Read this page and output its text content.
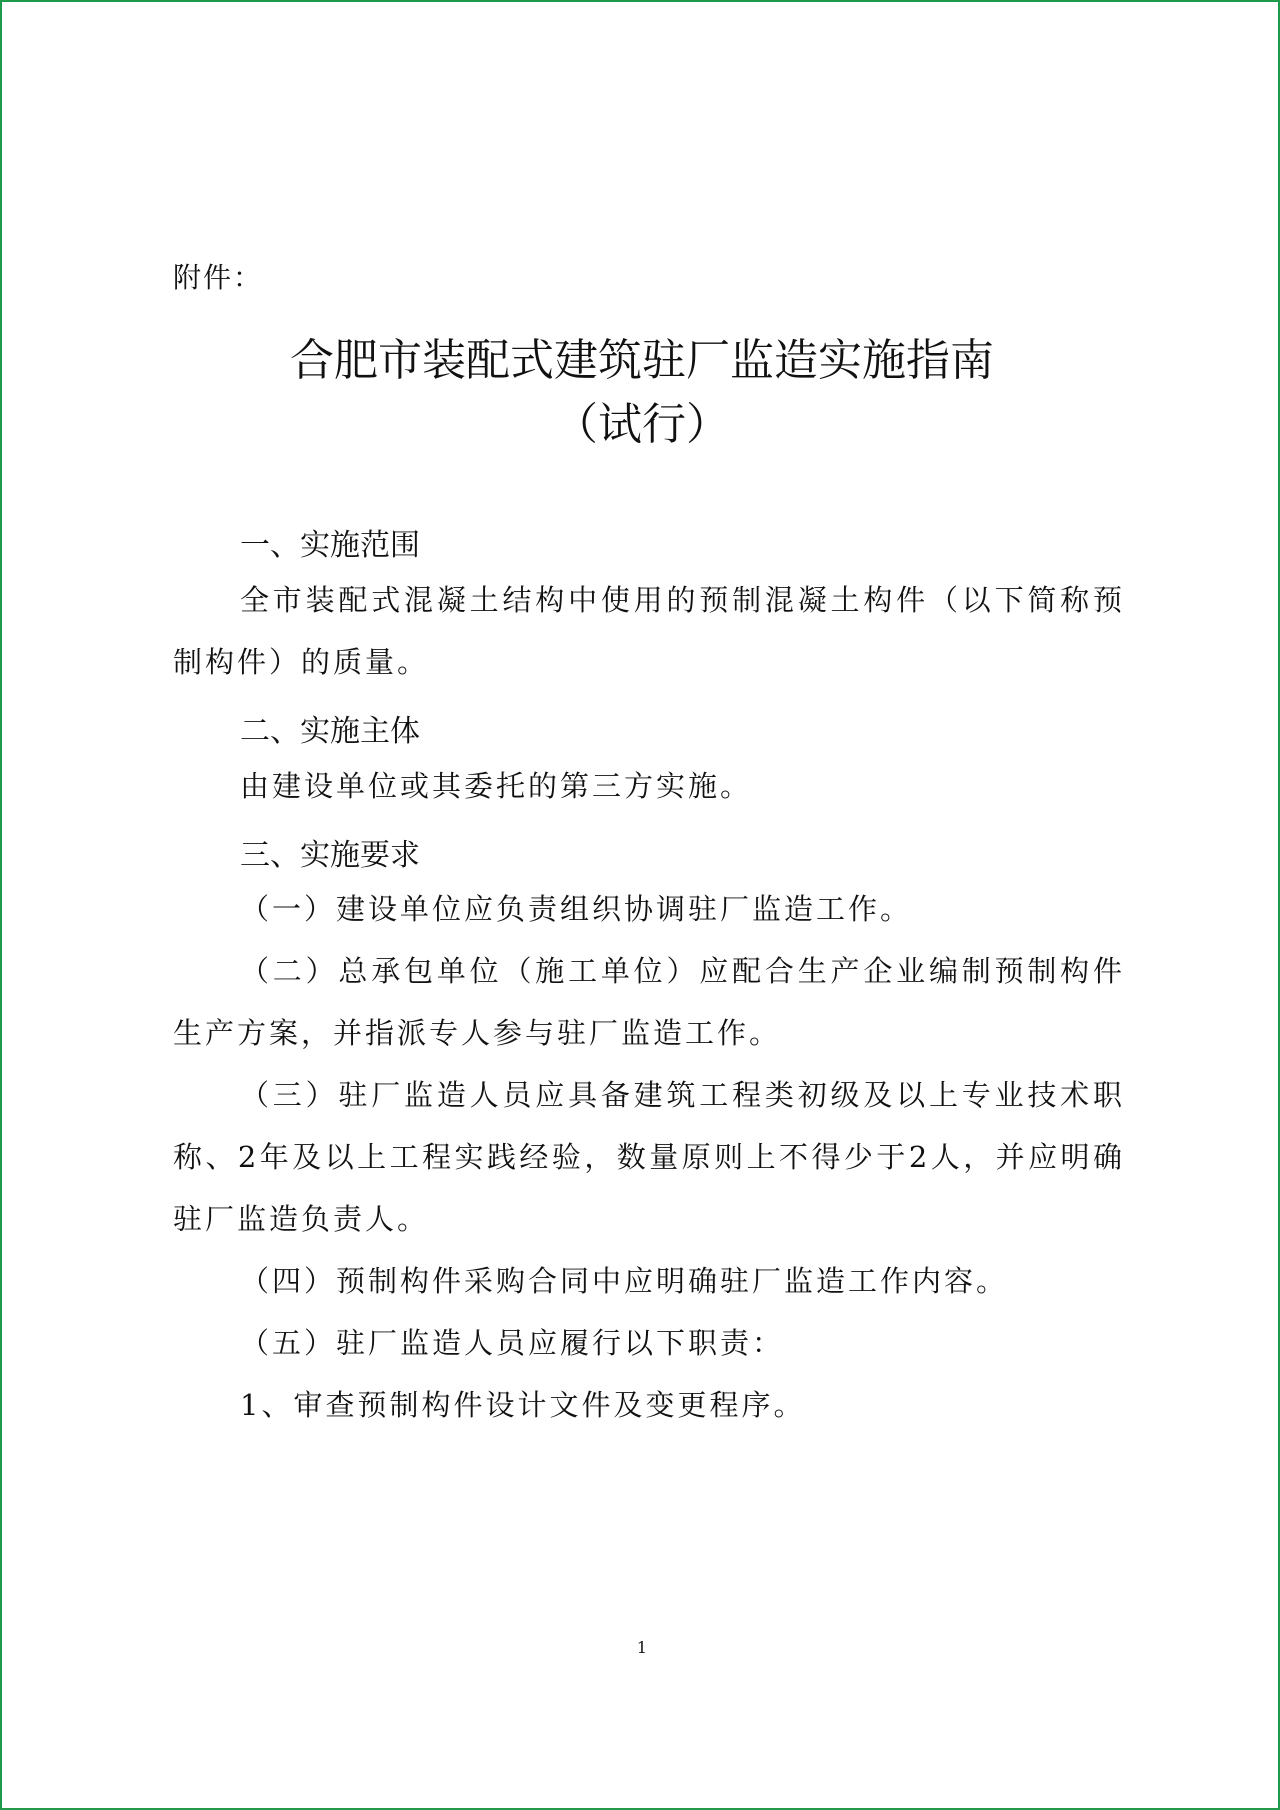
附件：
合肥市装配式建筑驻厂监造实施指南
（试行）
一、实施范围
全市装配式混凝土结构中使用的预制混凝土构件（以下简称预制构件）的质量。
二、实施主体
由建设单位或其委托的第三方实施。
三、实施要求
（一）建设单位应负责组织协调驻厂监造工作。
（二）总承包单位（施工单位）应配合生产企业编制预制构件生产方案，并指派专人参与驻厂监造工作。
（三）驻厂监造人员应具备建筑工程类初级及以上专业技术职称、2年及以上工程实践经验，数量原则上不得少于2人，并应明确驻厂监造负责人。
（四）预制构件采购合同中应明确驻厂监造工作内容。
（五）驻厂监造人员应履行以下职责：
1、审查预制构件设计文件及变更程序。
1
